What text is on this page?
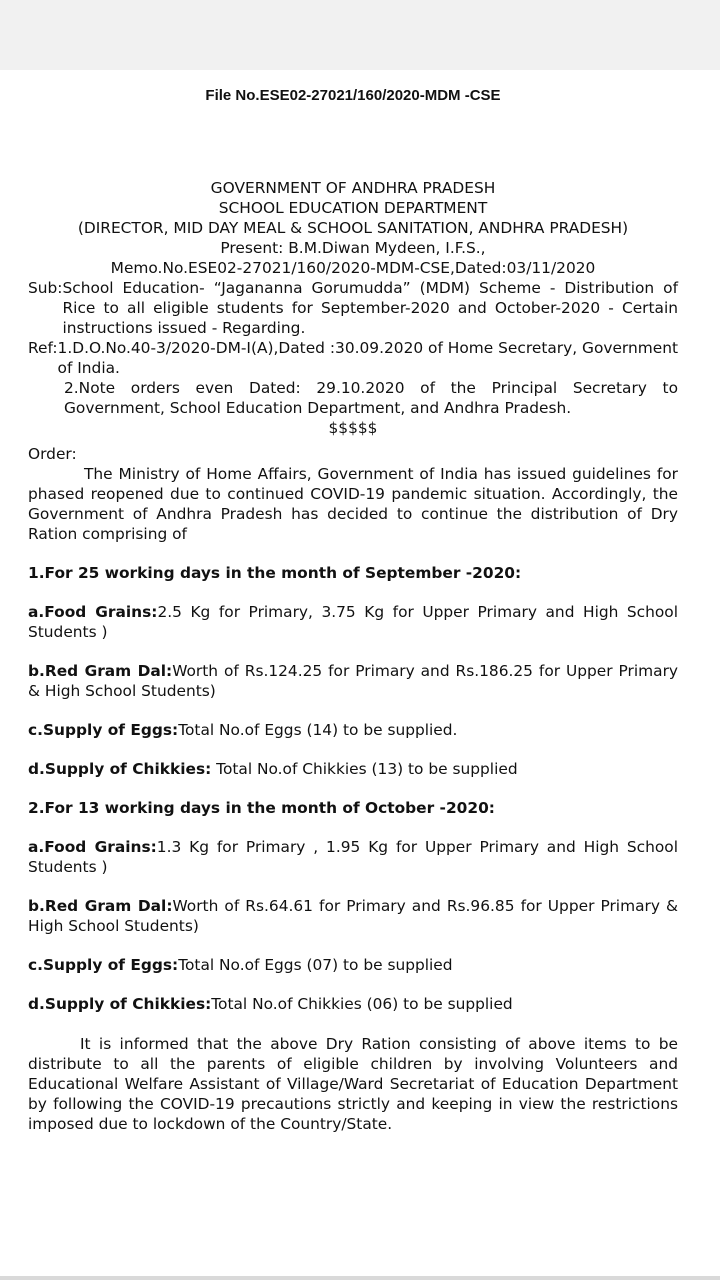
File No.ESE02-27021/160/2020-MDM -CSE
GOVERNMENT OF ANDHRA PRADESH
SCHOOL EDUCATION DEPARTMENT
(DIRECTOR, MID DAY MEAL & SCHOOL SANITATION, ANDHRA PRADESH)
Present: B.M.Diwan Mydeen, I.F.S.,
Memo.No.ESE02-27021/160/2020-MDM-CSE,Dated:03/11/2020
Sub: School Education- “Jagananna Gorumudda” (MDM) Scheme - Distribution of Rice to all eligible students for September-2020 and October-2020 - Certain instructions issued - Regarding.
Ref: 1.D.O.No.40-3/2020-DM-I(A),Dated :30.09.2020 of Home Secretary, Government of India.
2.Note orders even Dated: 29.10.2020 of the Principal Secretary to Government, School Education Department, and Andhra Pradesh.
$$$$$
Order:
The Ministry of Home Affairs, Government of India has issued guidelines for phased reopened due to continued COVID-19 pandemic situation. Accordingly, the Government of Andhra Pradesh has decided to continue the distribution of Dry Ration comprising of
1.For 25 working days in the month of September -2020:
a.Food Grains:2.5 Kg for Primary, 3.75 Kg for Upper Primary and High School Students )
b.Red Gram Dal:Worth of Rs.124.25 for Primary and Rs.186.25 for Upper Primary & High School Students)
c.Supply of Eggs:Total No.of Eggs (14) to be supplied.
d.Supply of Chikkies: Total No.of Chikkies (13) to be supplied
2.For 13 working days in the month of October -2020:
a.Food Grains:1.3 Kg for Primary , 1.95 Kg for Upper Primary and High School Students )
b.Red Gram Dal:Worth of Rs.64.61 for Primary and Rs.96.85 for Upper Primary & High School Students)
c.Supply of Eggs:Total No.of Eggs (07) to be supplied
d.Supply of Chikkies:Total No.of Chikkies (06) to be supplied
It is informed that the above Dry Ration consisting of above items to be distribute to all the parents of eligible children by involving Volunteers and Educational Welfare Assistant of Village/Ward Secretariat of Education Department by following the COVID-19 precautions strictly and keeping in view the restrictions imposed due to lockdown of the Country/State.
